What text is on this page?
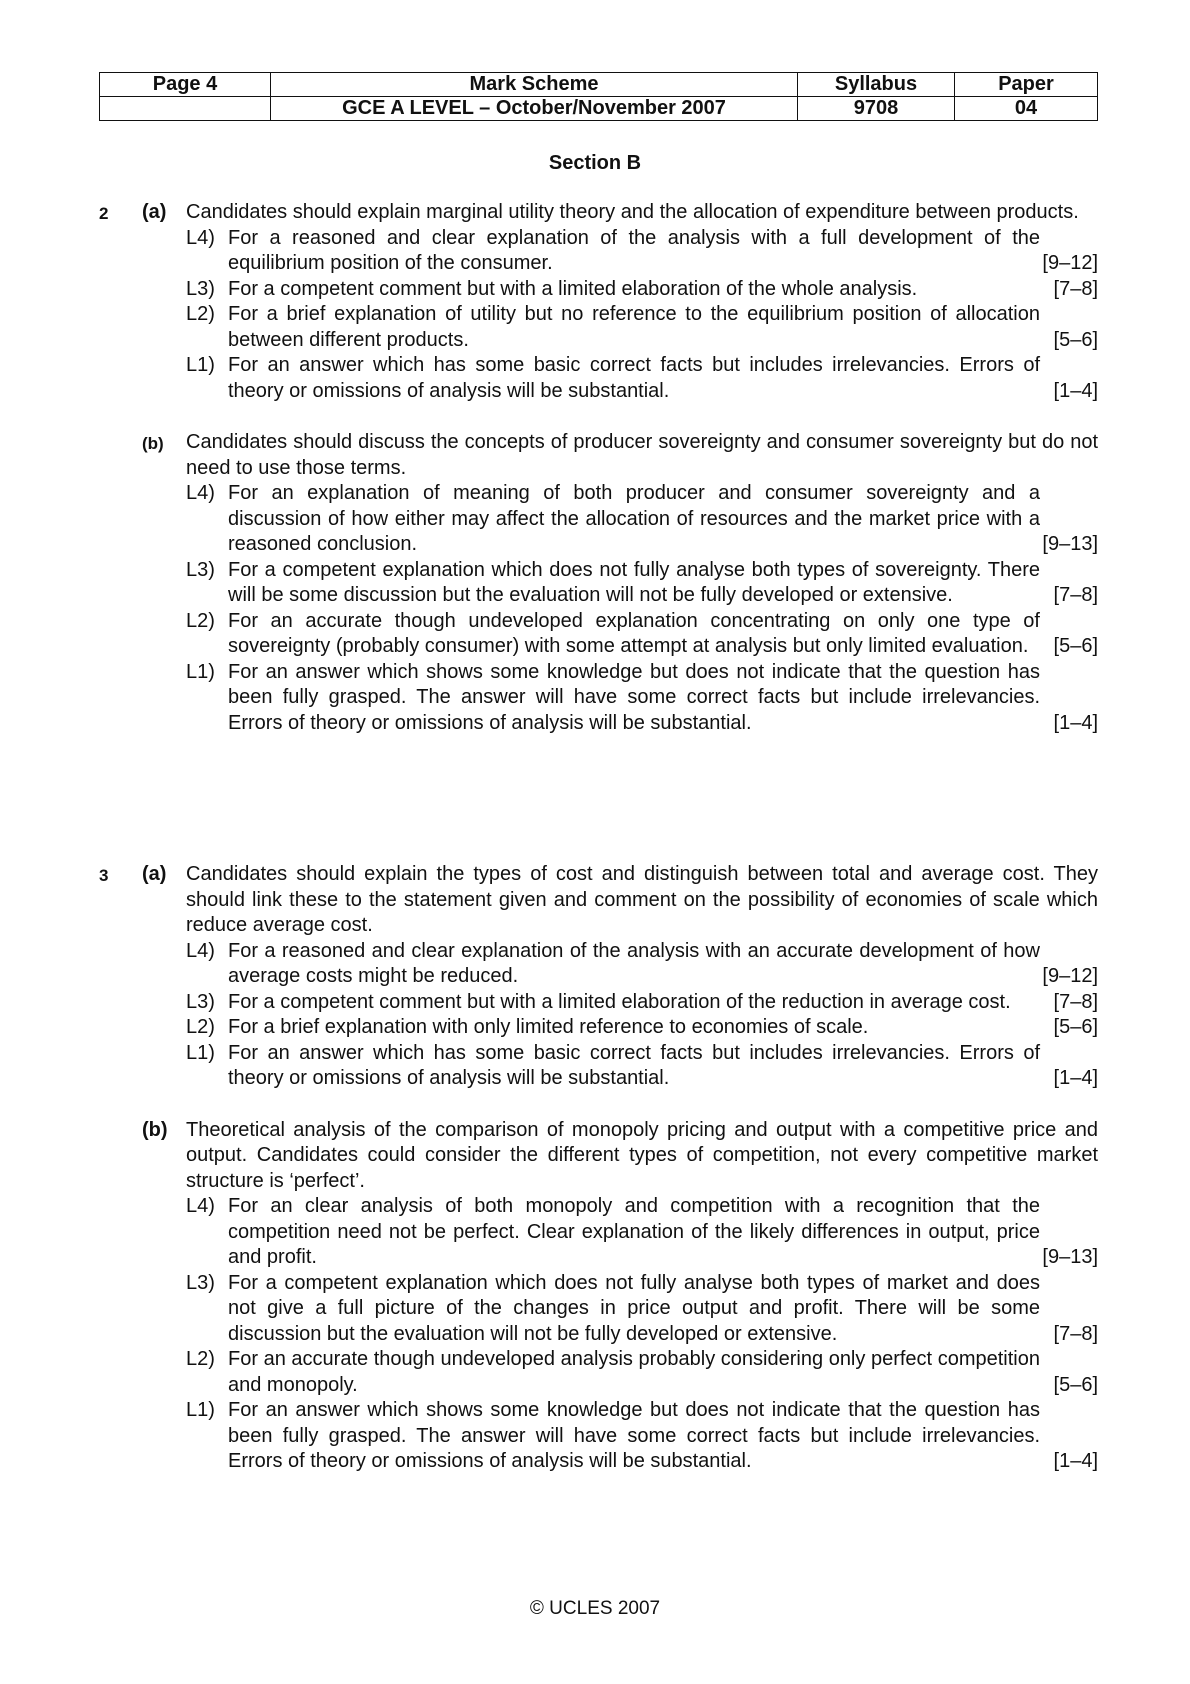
Page 4	Mark Scheme	Syllabus	Paper
	GCE A LEVEL – October/November 2007	9708	04
Section B
2 (a) Candidates should explain marginal utility theory and the allocation of expenditure between products.
L4) For a reasoned and clear explanation of the analysis with a full development of the equilibrium position of the consumer.	[9–12]
L3) For a competent comment but with a limited elaboration of the whole analysis.	[7–8]
L2) For a brief explanation of utility but no reference to the equilibrium position of allocation between different products.	[5–6]
L1) For an answer which has some basic correct facts but includes irrelevancies. Errors of theory or omissions of analysis will be substantial.	[1–4]
(b) Candidates should discuss the concepts of producer sovereignty and consumer sovereignty but do not need to use those terms.
L4) For an explanation of meaning of both producer and consumer sovereignty and a discussion of how either may affect the allocation of resources and the market price with a reasoned conclusion.	[9–13]
L3) For a competent explanation which does not fully analyse both types of sovereignty. There will be some discussion but the evaluation will not be fully developed or extensive.	[7–8]
L2) For an accurate though undeveloped explanation concentrating on only one type of sovereignty (probably consumer) with some attempt at analysis but only limited evaluation.	[5–6]
L1) For an answer which shows some knowledge but does not indicate that the question has been fully grasped. The answer will have some correct facts but include irrelevancies. Errors of theory or omissions of analysis will be substantial.	[1–4]
3 (a) Candidates should explain the types of cost and distinguish between total and average cost. They should link these to the statement given and comment on the possibility of economies of scale which reduce average cost.
L4) For a reasoned and clear explanation of the analysis with an accurate development of how average costs might be reduced.	[9–12]
L3) For a competent comment but with a limited elaboration of the reduction in average cost.	[7–8]
L2) For a brief explanation with only limited reference to economies of scale.	[5–6]
L1) For an answer which has some basic correct facts but includes irrelevancies. Errors of theory or omissions of analysis will be substantial.	[1–4]
(b) Theoretical analysis of the comparison of monopoly pricing and output with a competitive price and output. Candidates could consider the different types of competition, not every competitive market structure is ‘perfect’.
L4) For an clear analysis of both monopoly and competition with a recognition that the competition need not be perfect. Clear explanation of the likely differences in output, price and profit.	[9–13]
L3) For a competent explanation which does not fully analyse both types of market and does not give a full picture of the changes in price output and profit. There will be some discussion but the evaluation will not be fully developed or extensive.	[7–8]
L2) For an accurate though undeveloped analysis probably considering only perfect competition and monopoly.	[5–6]
L1) For an answer which shows some knowledge but does not indicate that the question has been fully grasped. The answer will have some correct facts but include irrelevancies. Errors of theory or omissions of analysis will be substantial.	[1–4]
© UCLES 2007
